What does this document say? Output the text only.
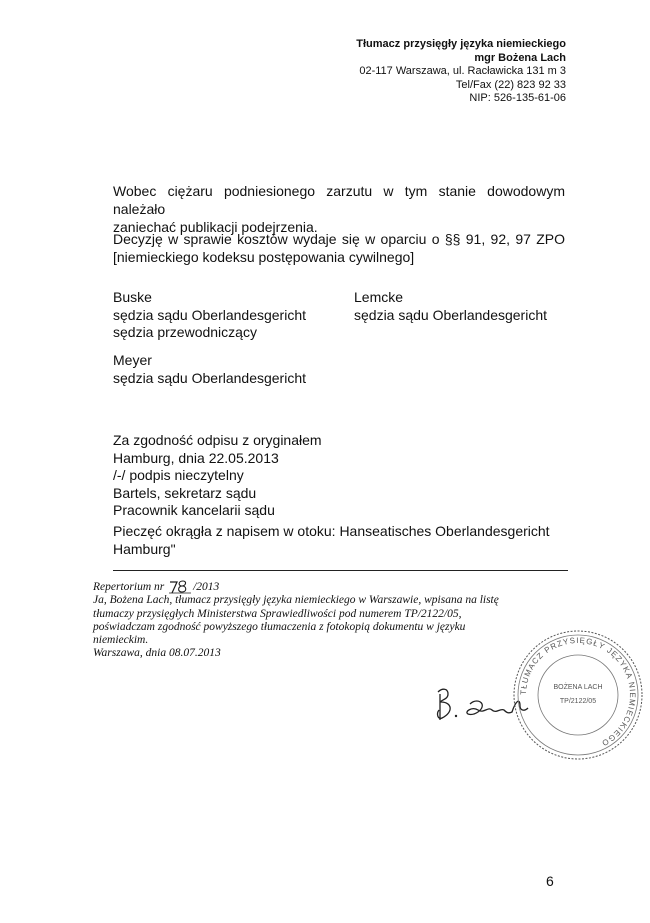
Tłumacz przysięgły języka niemieckiego
mgr Bożena Lach
02-117 Warszawa, ul. Racławicka 131 m 3
Tel/Fax (22) 823 92 33
NIP: 526-135-61-06
Wobec ciężaru podniesionego zarzutu w tym stanie dowodowym należało
zaniechać publikacji podejrzenia.
Decyzję w sprawie kosztów wydaje się w oparciu o §§ 91, 92, 97 ZPO
[niemieckiego kodeksu postępowania cywilnego]
Buske
sędzia sądu Oberlandesgericht
sędzia przewodniczący
Lemcke
sędzia sądu Oberlandesgericht
Meyer
sędzia sądu Oberlandesgericht
Za zgodność odpisu z oryginałem
Hamburg, dnia 22.05.2013
/-/ podpis nieczytelny
Bartels, sekretarz sądu
Pracownik kancelarii sądu
Pieczęć okrągła z napisem w otoku: Hanseatisches Oberlandesgericht
Hamburg"
Repertorium nr	/2013
Ja, Bożena Lach, tłumacz przysięgły języka niemieckiego w Warszawie, wpisana na listę
tłumaczy przysięgłych Ministerstwa Sprawiedliwości pod numerem TP/2122/05,
poświadczam zgodność powyższego tłumaczenia z fotokopią dokumentu w języku
niemieckim.
Warszawa, dnia 08.07.2013
TŁUMACZ PRZYSIĘGŁY JĘZYKA NIEMIECKIEGO
BOŻENA LACH
TP/2122/05
6
